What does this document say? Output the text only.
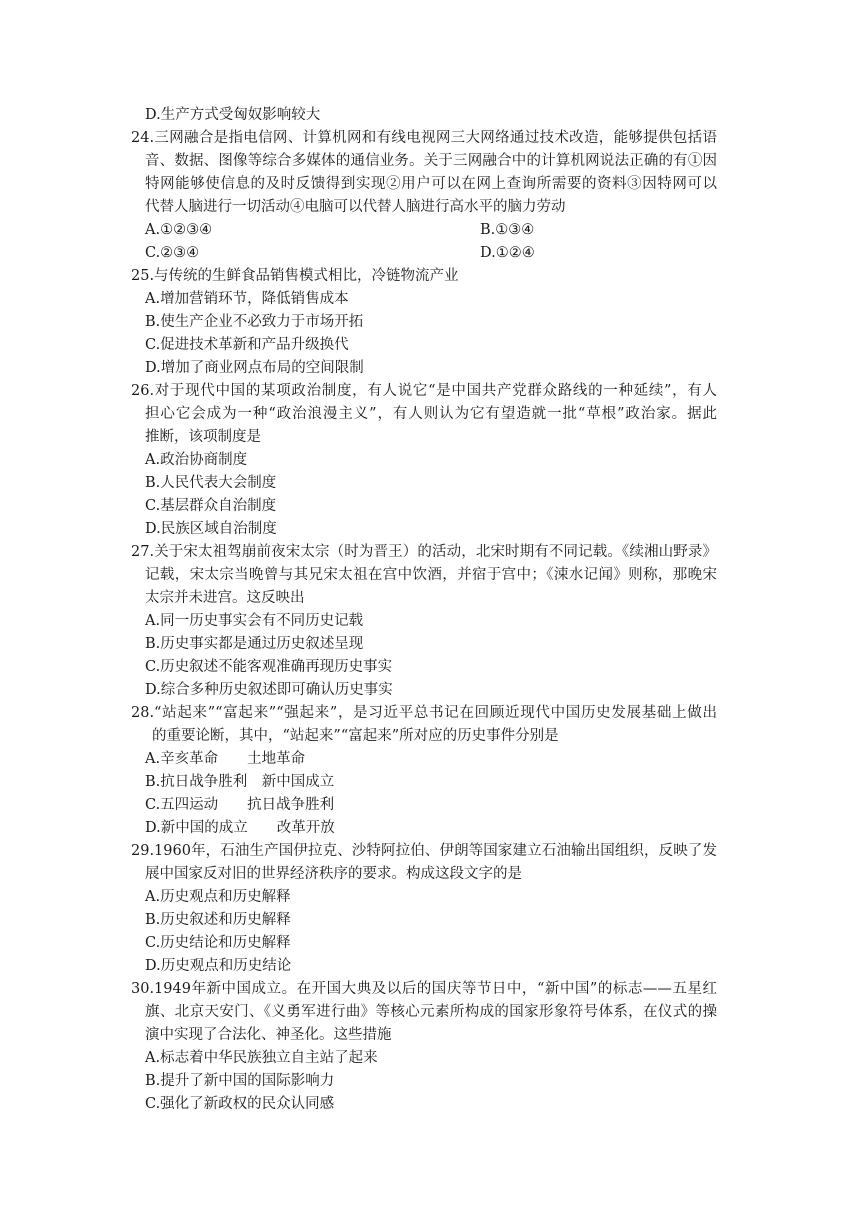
D.生产方式受匈奴影响较大
24.三网融合是指电信网、计算机网和有线电视网三大网络通过技术改造，能够提供包括语
音、数据、图像等综合多媒体的通信业务。关于三网融合中的计算机网说法正确的有①因
特网能够使信息的及时反馈得到实现②用户可以在网上查询所需要的资料③因特网可以
代替人脑进行一切活动④电脑可以代替人脑进行高水平的脑力劳动
A.①②③④	B.①③④
C.②③④	D.①②④
25.与传统的生鲜食品销售模式相比，冷链物流产业
A.增加营销环节，降低销售成本
B.使生产企业不必致力于市场开拓
C.促进技术革新和产品升级换代
D.增加了商业网点布局的空间限制
26.对于现代中国的某项政治制度，有人说它“是中国共产党群众路线的一种延续”，有人
担心它会成为一种“政治浪漫主义”，有人则认为它有望造就一批“草根”政治家。据此
推断，该项制度是
A.政治协商制度
B.人民代表大会制度
C.基层群众自治制度
D.民族区域自治制度
27.关于宋太祖驾崩前夜宋太宗（时为晋王）的活动，北宋时期有不同记载。《续湘山野录》
记载，宋太宗当晚曾与其兄宋太祖在宫中饮酒，并宿于宫中；《涑水记闻》则称，那晚宋
太宗并未进宫。这反映出
A.同一历史事实会有不同历史记载
B.历史事实都是通过历史叙述呈现
C.历史叙述不能客观准确再现历史事实
D.综合多种历史叙述即可确认历史事实
28.“站起来”“富起来”“强起来”，是习近平总书记在回顾近现代中国历史发展基础上做出
的重要论断，其中，“站起来”“富起来”所对应的历史事件分别是
A.辛亥革命　　土地革命
B.抗日战争胜利　新中国成立
C.五四运动　　抗日战争胜利
D.新中国的成立　　改革开放
29.1960年，石油生产国伊拉克、沙特阿拉伯、伊朗等国家建立石油输出国组织，反映了发
展中国家反对旧的世界经济秩序的要求。构成这段文字的是
A.历史观点和历史解释
B.历史叙述和历史解释
C.历史结论和历史解释
D.历史观点和历史结论
30.1949年新中国成立。在开国大典及以后的国庆等节日中，“新中国”的标志——五星红
旗、北京天安门、《义勇军进行曲》等核心元素所构成的国家形象符号体系，在仪式的操
演中实现了合法化、神圣化。这些措施
A.标志着中华民族独立自主站了起来
B.提升了新中国的国际影响力
C.强化了新政权的民众认同感
